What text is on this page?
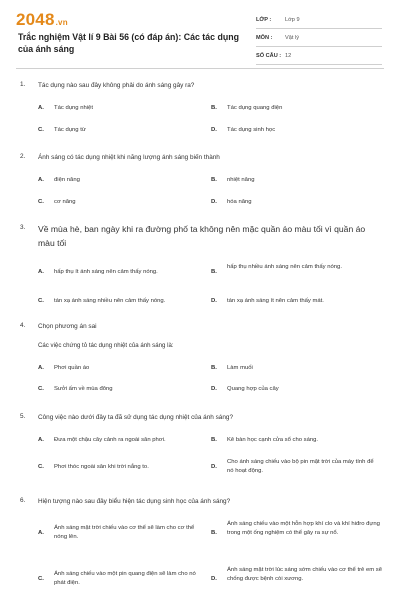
2048.vn
Trắc nghiệm Vật lí 9 Bài 56 (có đáp án): Các tác dụng của ánh sáng
LỚP : Lớp 9
MÔN : Vật lý
SỐ CÂU : 12
1. Tác dụng nào sau đây không phải do ánh sáng gây ra?
A. Tác dụng nhiệt	B. Tác dụng quang điện
C. Tác dụng từ	D. Tác dụng sinh học
2. Ánh sáng có tác dụng nhiệt khi năng lượng ánh sáng biến thành
A. điện năng	B. nhiệt năng
C. cơ năng	D. hóa năng
3. Về mùa hè, ban ngày khi ra đường phố ta không nên mặc quần áo màu tối vì quần áo màu tối
A. hấp thụ ít ánh sáng nên cảm thấy nóng.	B.
hấp thụ nhiều ánh sáng nên cảm thấy nóng.
C. tán xạ ánh sáng nhiều nên cảm thấy nóng.	D. tán xạ ánh sáng ít nên cảm thấy mát.
4. Chọn phương án sai
Các việc chứng tỏ tác dụng nhiệt của ánh sáng là:
A. Phơi quần áo	B. Làm muối
C. Sưởi ấm về mùa đông	D. Quang hợp của cây
5. Công việc nào dưới đây ta đã sử dụng tác dụng nhiệt của ánh sáng?
A. Đưa một chậu cây cảnh ra ngoài sân phơi.	B. Kê bàn học cạnh cửa sổ cho sáng.
C. Phơi thóc ngoài sân khi trời nắng to.	D.
Cho ánh sáng chiếu vào bộ pin mặt trời của máy tính để nó hoạt động.
6. Hiện tượng nào sau đây biểu hiện tác dụng sinh học của ánh sáng?
A.
Ánh sáng mặt trời chiếu vào cơ thể sẽ làm cho cơ thể nóng lên.
B.
Ánh sáng chiếu vào một hỗn hợp khí clo và khí hiđro đựng trong một ống nghiệm có thể gây ra sự nổ.
C.
Ánh sáng chiếu vào một pin quang điện sẽ làm cho nó phát điện.
D.
Ánh sáng mặt trời lúc sáng sớm chiếu vào cơ thể trẻ em sẽ chống được bệnh còi xương.
